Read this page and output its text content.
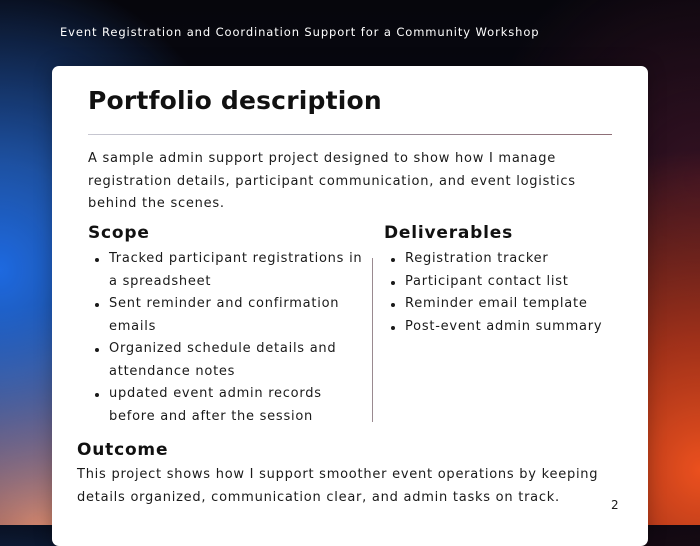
Event Registration and Coordination Support for a Community Workshop
Portfolio description

A sample admin support project designed to show how I manage registration details, participant communication, and event logistics behind the scenes.

Scope
Tracked participant registrations in a spreadsheet
Sent reminder and confirmation emails
Organized schedule details and attendance notes
updated event admin records before and after the session
Deliverables
Registration tracker
Participant contact list
Reminder email template
Post-event admin summary
Outcome

This project shows how I support smoother event operations by keeping details organized, communication clear, and admin tasks on track.

2
